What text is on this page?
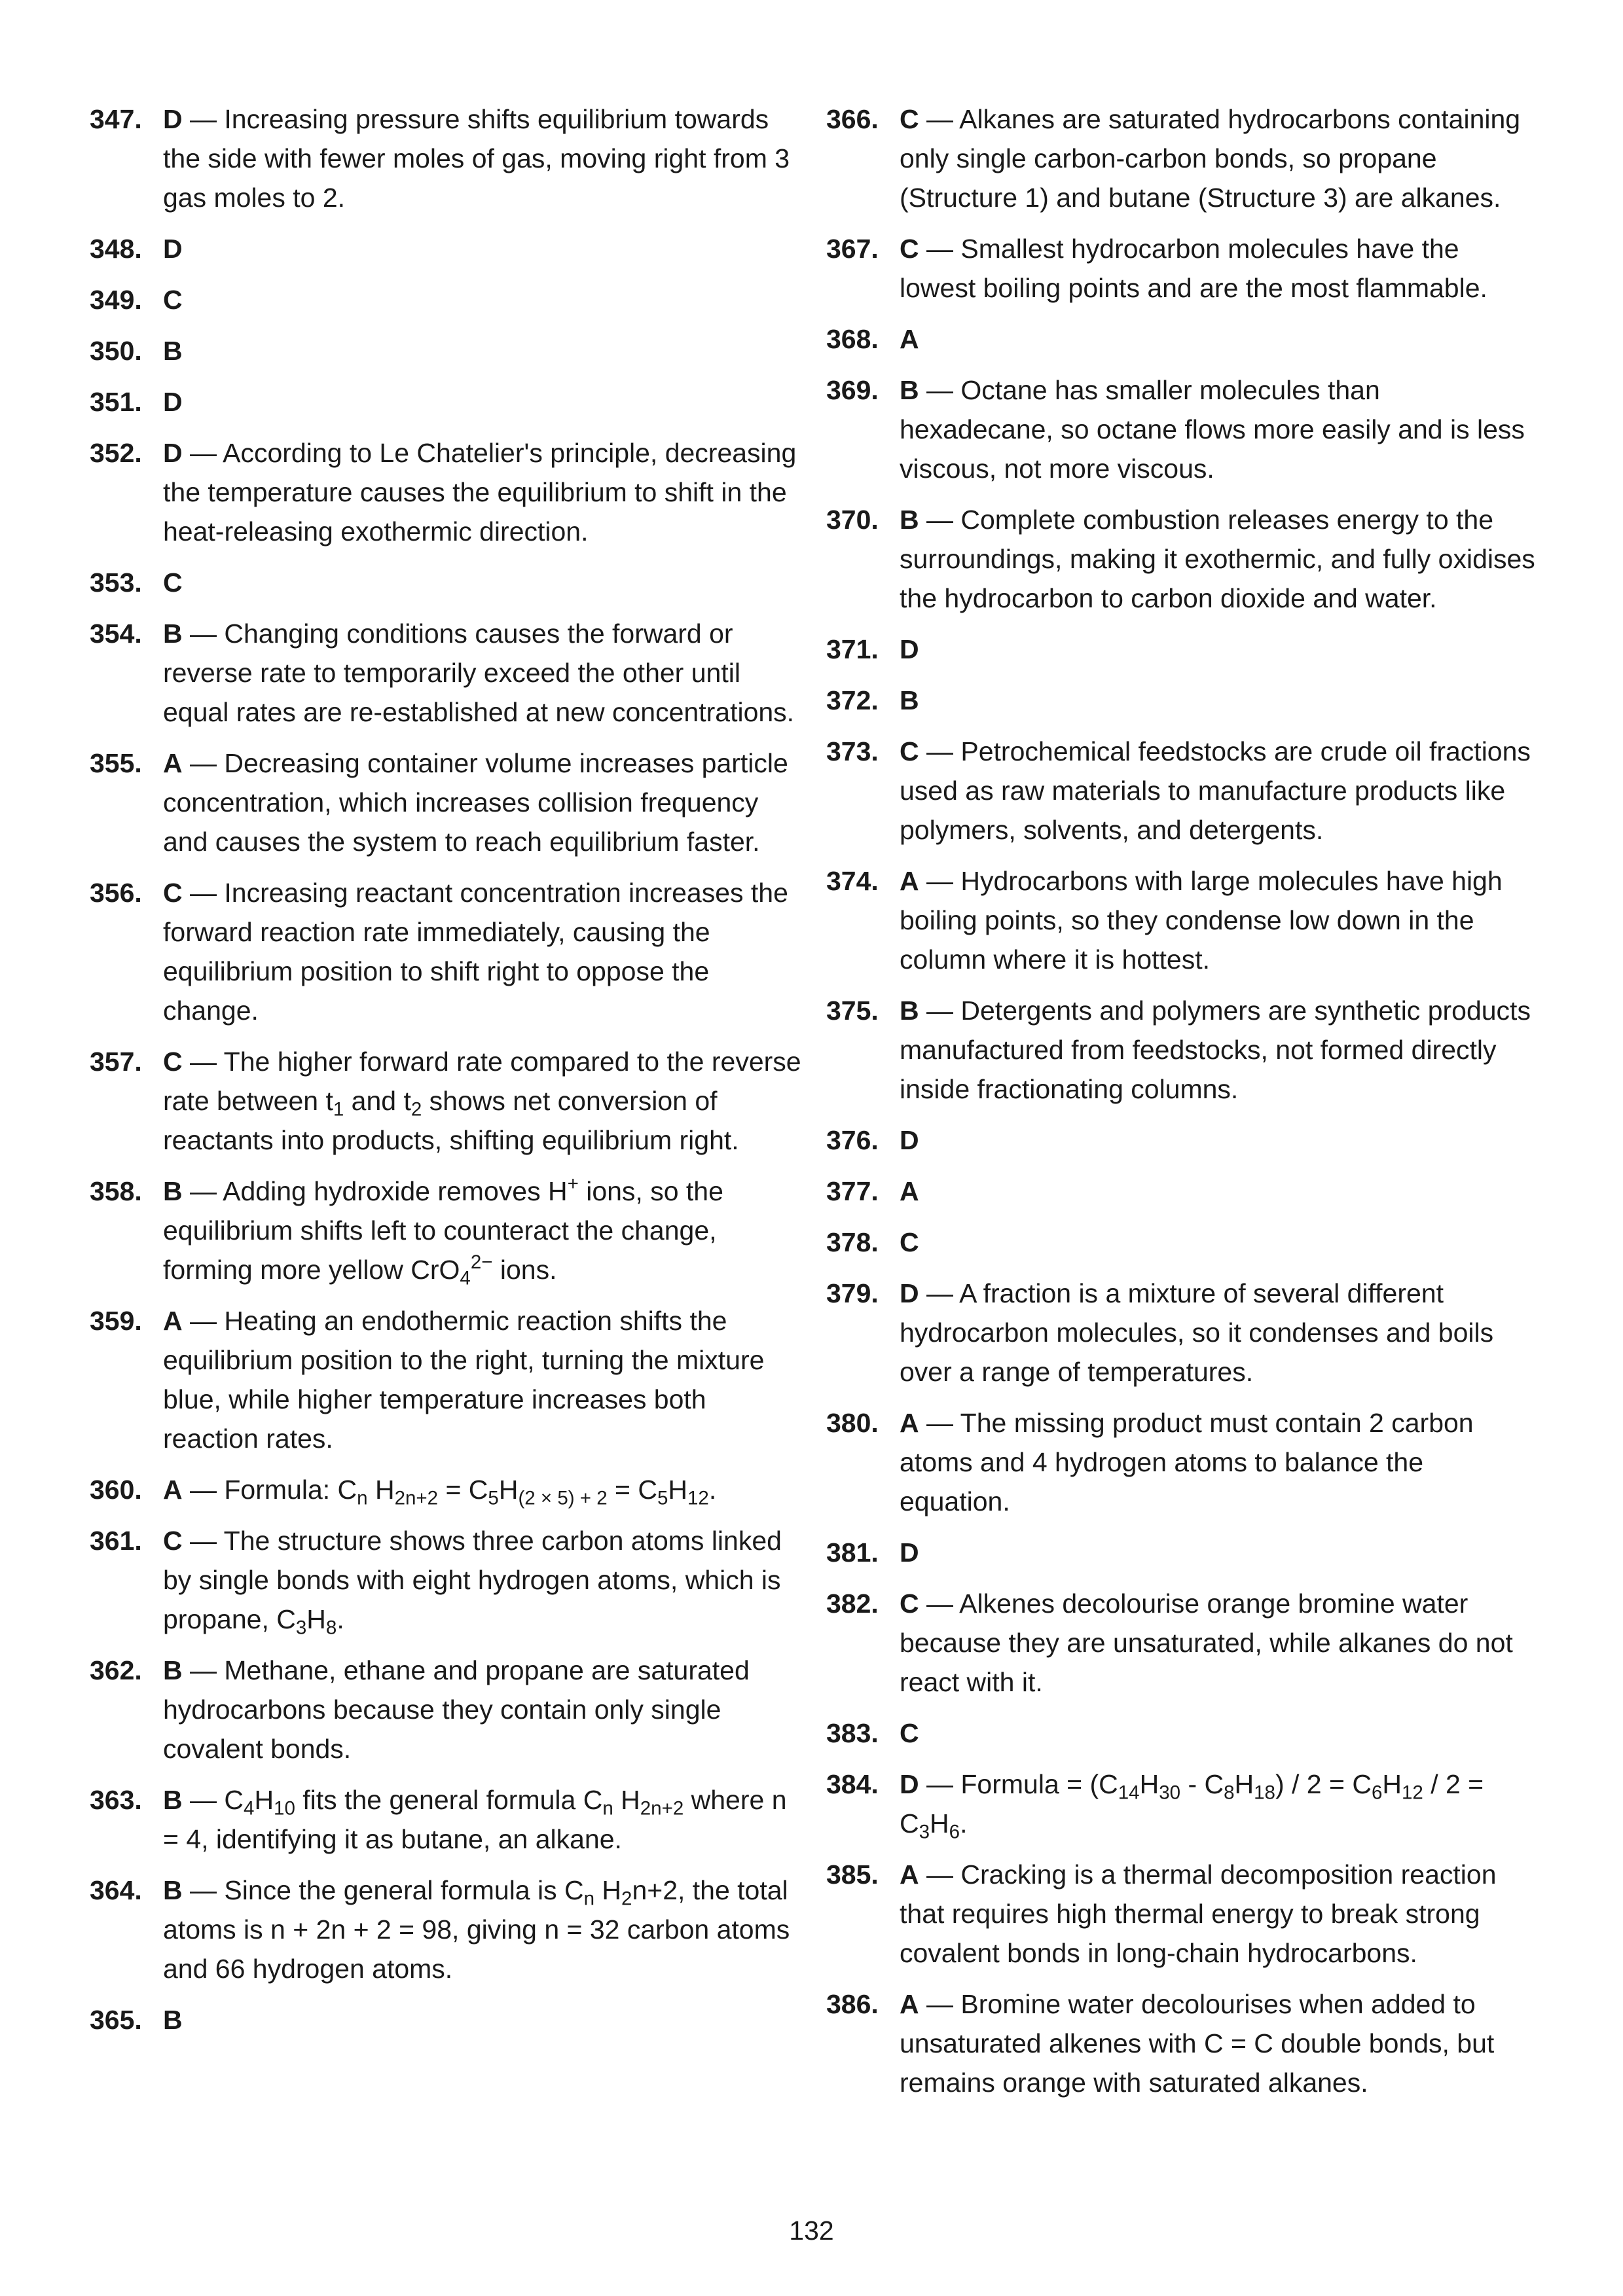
347. D — Increasing pressure shifts equilibrium towards the side with fewer moles of gas, moving right from 3 gas moles to 2.
348. D
349. C
350. B
351. D
352. D — According to Le Chatelier's principle, decreasing the temperature causes the equilibrium to shift in the heat-releasing exothermic direction.
353. C
354. B — Changing conditions causes the forward or reverse rate to temporarily exceed the other until equal rates are re-established at new concentrations.
355. A — Decreasing container volume increases particle concentration, which increases collision frequency and causes the system to reach equilibrium faster.
356. C — Increasing reactant concentration increases the forward reaction rate immediately, causing the equilibrium position to shift right to oppose the change.
357. C — The higher forward rate compared to the reverse rate between $t_1$ and $t_2$ shows net conversion of reactants into products, shifting equilibrium right.
358. B — Adding hydroxide removes H+ ions, so the equilibrium shifts left to counteract the change, forming more yellow CrO$_4^{2-}$ ions.
359. A — Heating an endothermic reaction shifts the equilibrium position to the right, turning the mixture blue, while higher temperature increases both reaction rates.
360. A — Formula: $C_n$ $H_{2n+2} = C_5H_{(2 \times 5) + 2} = C_5H_{12}$.
361. C — The structure shows three carbon atoms linked by single bonds with eight hydrogen atoms, which is propane, $C_3H_8$.
362. B — Methane, ethane and propane are saturated hydrocarbons because they contain only single covalent bonds.
363. B — $C_4H_{10}$ fits the general formula $C_n$ $H_{2n+2}$ where n = 4, identifying it as butane, an alkane.
364. B — Since the general formula is $C_n$ $H_2n+2$, the total atoms is n + 2n + 2 = 98, giving n = 32 carbon atoms and 66 hydrogen atoms.
365. B
366. C — Alkanes are saturated hydrocarbons containing only single carbon-carbon bonds, so propane (Structure 1) and butane (Structure 3) are alkanes.
367. C — Smallest hydrocarbon molecules have the lowest boiling points and are the most flammable.
368. A
369. B — Octane has smaller molecules than hexadecane, so octane flows more easily and is less viscous, not more viscous.
370. B — Complete combustion releases energy to the surroundings, making it exothermic, and fully oxidises the hydrocarbon to carbon dioxide and water.
371. D
372. B
373. C — Petrochemical feedstocks are crude oil fractions used as raw materials to manufacture products like polymers, solvents, and detergents.
374. A — Hydrocarbons with large molecules have high boiling points, so they condense low down in the column where it is hottest.
375. B — Detergents and polymers are synthetic products manufactured from feedstocks, not formed directly inside fractionating columns.
376. D
377. A
378. C
379. D — A fraction is a mixture of several different hydrocarbon molecules, so it condenses and boils over a range of temperatures.
380. A — The missing product must contain 2 carbon atoms and 4 hydrogen atoms to balance the equation.
381. D
382. C — Alkenes decolourise orange bromine water because they are unsaturated, while alkanes do not react with it.
383. C
384. D — Formula = $(C_{14}H_{30} - C_8H_{18}) / 2 = C_6H_{12} / 2 = C_3H_6$.
385. A — Cracking is a thermal decomposition reaction that requires high thermal energy to break strong covalent bonds in long-chain hydrocarbons.
386. A — Bromine water decolourises when added to unsaturated alkenes with C = C double bonds, but remains orange with saturated alkanes.
132
